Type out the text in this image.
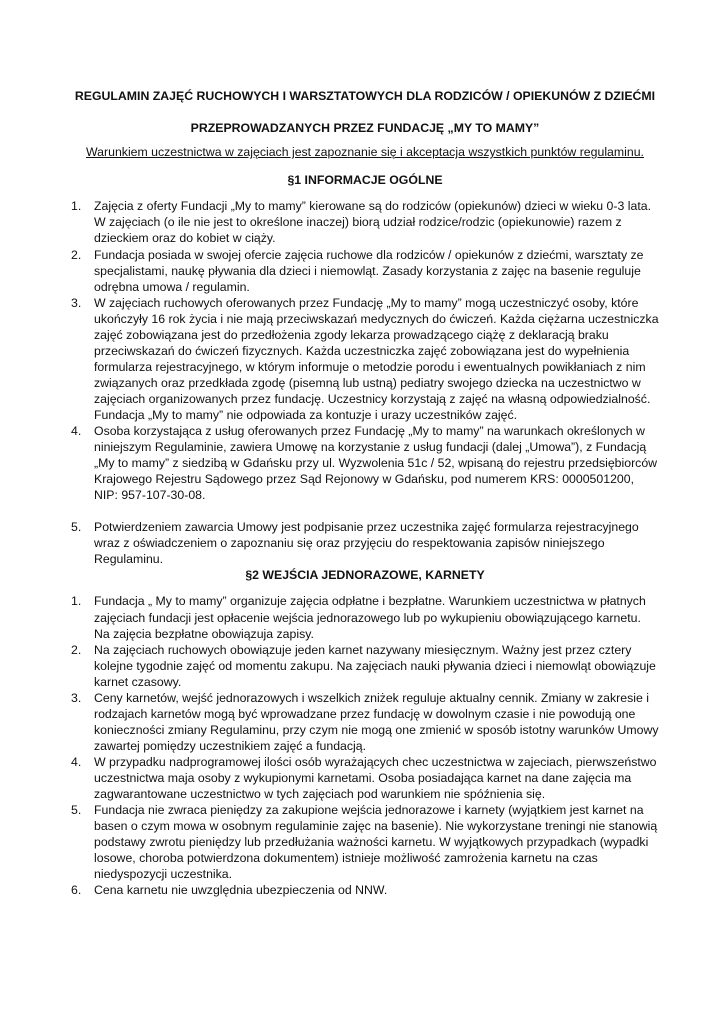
REGULAMIN ZAJĘĆ RUCHOWYCH I WARSZTATOWYCH DLA RODZICÓW / OPIEKUNÓW Z DZIEĆMI

PRZEPROWADZANYCH PRZEZ FUNDACJĘ „MY TO MAMY”

Warunkiem uczestnictwa w zajęciach jest zapoznanie się i akceptacja wszystkich punktów regulaminu.

§1 INFORMACJE OGÓLNE
1.	Zajęcia z oferty Fundacji „My to mamy” kierowane są do rodziców (opiekunów) dzieci w wieku 0-3 lata. W zajęciach (o ile nie jest to określone inaczej) biorą udział rodzice/rodzic (opiekunowie) razem z dzieckiem oraz do kobiet w ciąży.
2.	Fundacja posiada w swojej ofercie zajęcia ruchowe dla rodziców / opiekunów z dziećmi, warsztaty ze specjalistami, naukę pływania dla dzieci i niemowląt. Zasady korzystania z zajęc na basenie reguluje odrębna umowa / regulamin.
3.	W zajęciach ruchowych oferowanych przez Fundację „My to mamy” mogą uczestniczyć osoby, które ukończyły 16 rok życia i nie mają przeciwskazań medycznych do ćwiczeń. Każda ciężarna uczestniczka zajęć zobowiązana jest do przedłożenia zgody lekarza prowadzącego ciążę z deklaracją braku przeciwskazań do ćwiczeń fizycznych. Każda uczestniczka zajęć zobowiązana jest do wypełnienia formularza rejestracyjnego, w którym informuje o metodzie porodu i ewentualnych powikłaniach z nim związanych oraz przedkłada zgodę (pisemną lub ustną) pediatry swojego dziecka na uczestnictwo w zajęciach organizowanych przez fundację. Uczestnicy korzystają z zajęć na własną odpowiedzialność. Fundacja „My to mamy” nie odpowiada za kontuzje i urazy uczestników zajęć.
4.	Osoba korzystająca z usług oferowanych przez Fundację „My to mamy” na warunkach określonych w niniejszym Regulaminie, zawiera Umowę na korzystanie z usług fundacji (dalej „Umowa”), z Fundacją „My to mamy” z siedzibą w Gdańsku przy ul. Wyzwolenia 51c / 52, wpisaną do rejestru przedsiębiorców Krajowego Rejestru Sądowego przez Sąd Rejonowy w Gdańsku, pod numerem KRS: 0000501200, NIP: 957-107-30-08.
5.	Potwierdzeniem zawarcia Umowy jest podpisanie przez uczestnika zajęć formularza rejestracyjnego wraz z oświadczeniem o zapoznaniu się oraz przyjęciu do respektowania zapisów niniejszego Regulaminu.
§2 WEJŚCIA JEDNORAZOWE, KARNETY
1.	Fundacja „ My to mamy” organizuje zajęcia odpłatne i bezpłatne. Warunkiem uczestnictwa w płatnych zajęciach fundacji jest opłacenie wejścia jednorazowego lub po wykupieniu obowiązującego karnetu. Na zajęcia bezpłatne obowiązuja zapisy.
2.	Na zajęciach ruchowych obowiązuje jeden karnet nazywany miesięcznym. Ważny jest przez cztery kolejne tygodnie zajęć od momentu zakupu. Na zajęciach nauki pływania dzieci i niemowląt obowiązuje karnet czasowy.
3.	Ceny karnetów, wejść jednorazowych i wszelkich zniżek reguluje aktualny cennik. Zmiany w zakresie i rodzajach karnetów mogą być wprowadzane przez fundację w dowolnym czasie i nie powodują one konieczności zmiany Regulaminu, przy czym nie mogą one zmienić w sposób istotny warunków Umowy zawartej pomiędzy uczestnikiem zajęć a fundacją.
4.	W przypadku nadprogramowej ilości osób wyrażających chec uczestnictwa w zajeciach, pierwszeństwo uczestnictwa maja osoby z wykupionymi karnetami. Osoba posiadająca karnet na dane zajęcia ma zagwarantowane uczestnictwo w tych zajęciach pod warunkiem nie spóźnienia się.
5.	Fundacja nie zwraca pieniędzy za zakupione wejścia jednorazowe i karnety (wyjątkiem jest karnet na basen o czym mowa w osobnym regulaminie zajęc na basenie). Nie wykorzystane treningi nie stanowią podstawy zwrotu pieniędzy lub przedłużania ważności karnetu. W wyjątkowych przypadkach (wypadki losowe, choroba potwierdzona dokumentem) istnieje możliwość zamrożenia karnetu na czas niedyspozycji uczestnika.
6.	Cena karnetu nie uwzględnia ubezpieczenia od NNW.
